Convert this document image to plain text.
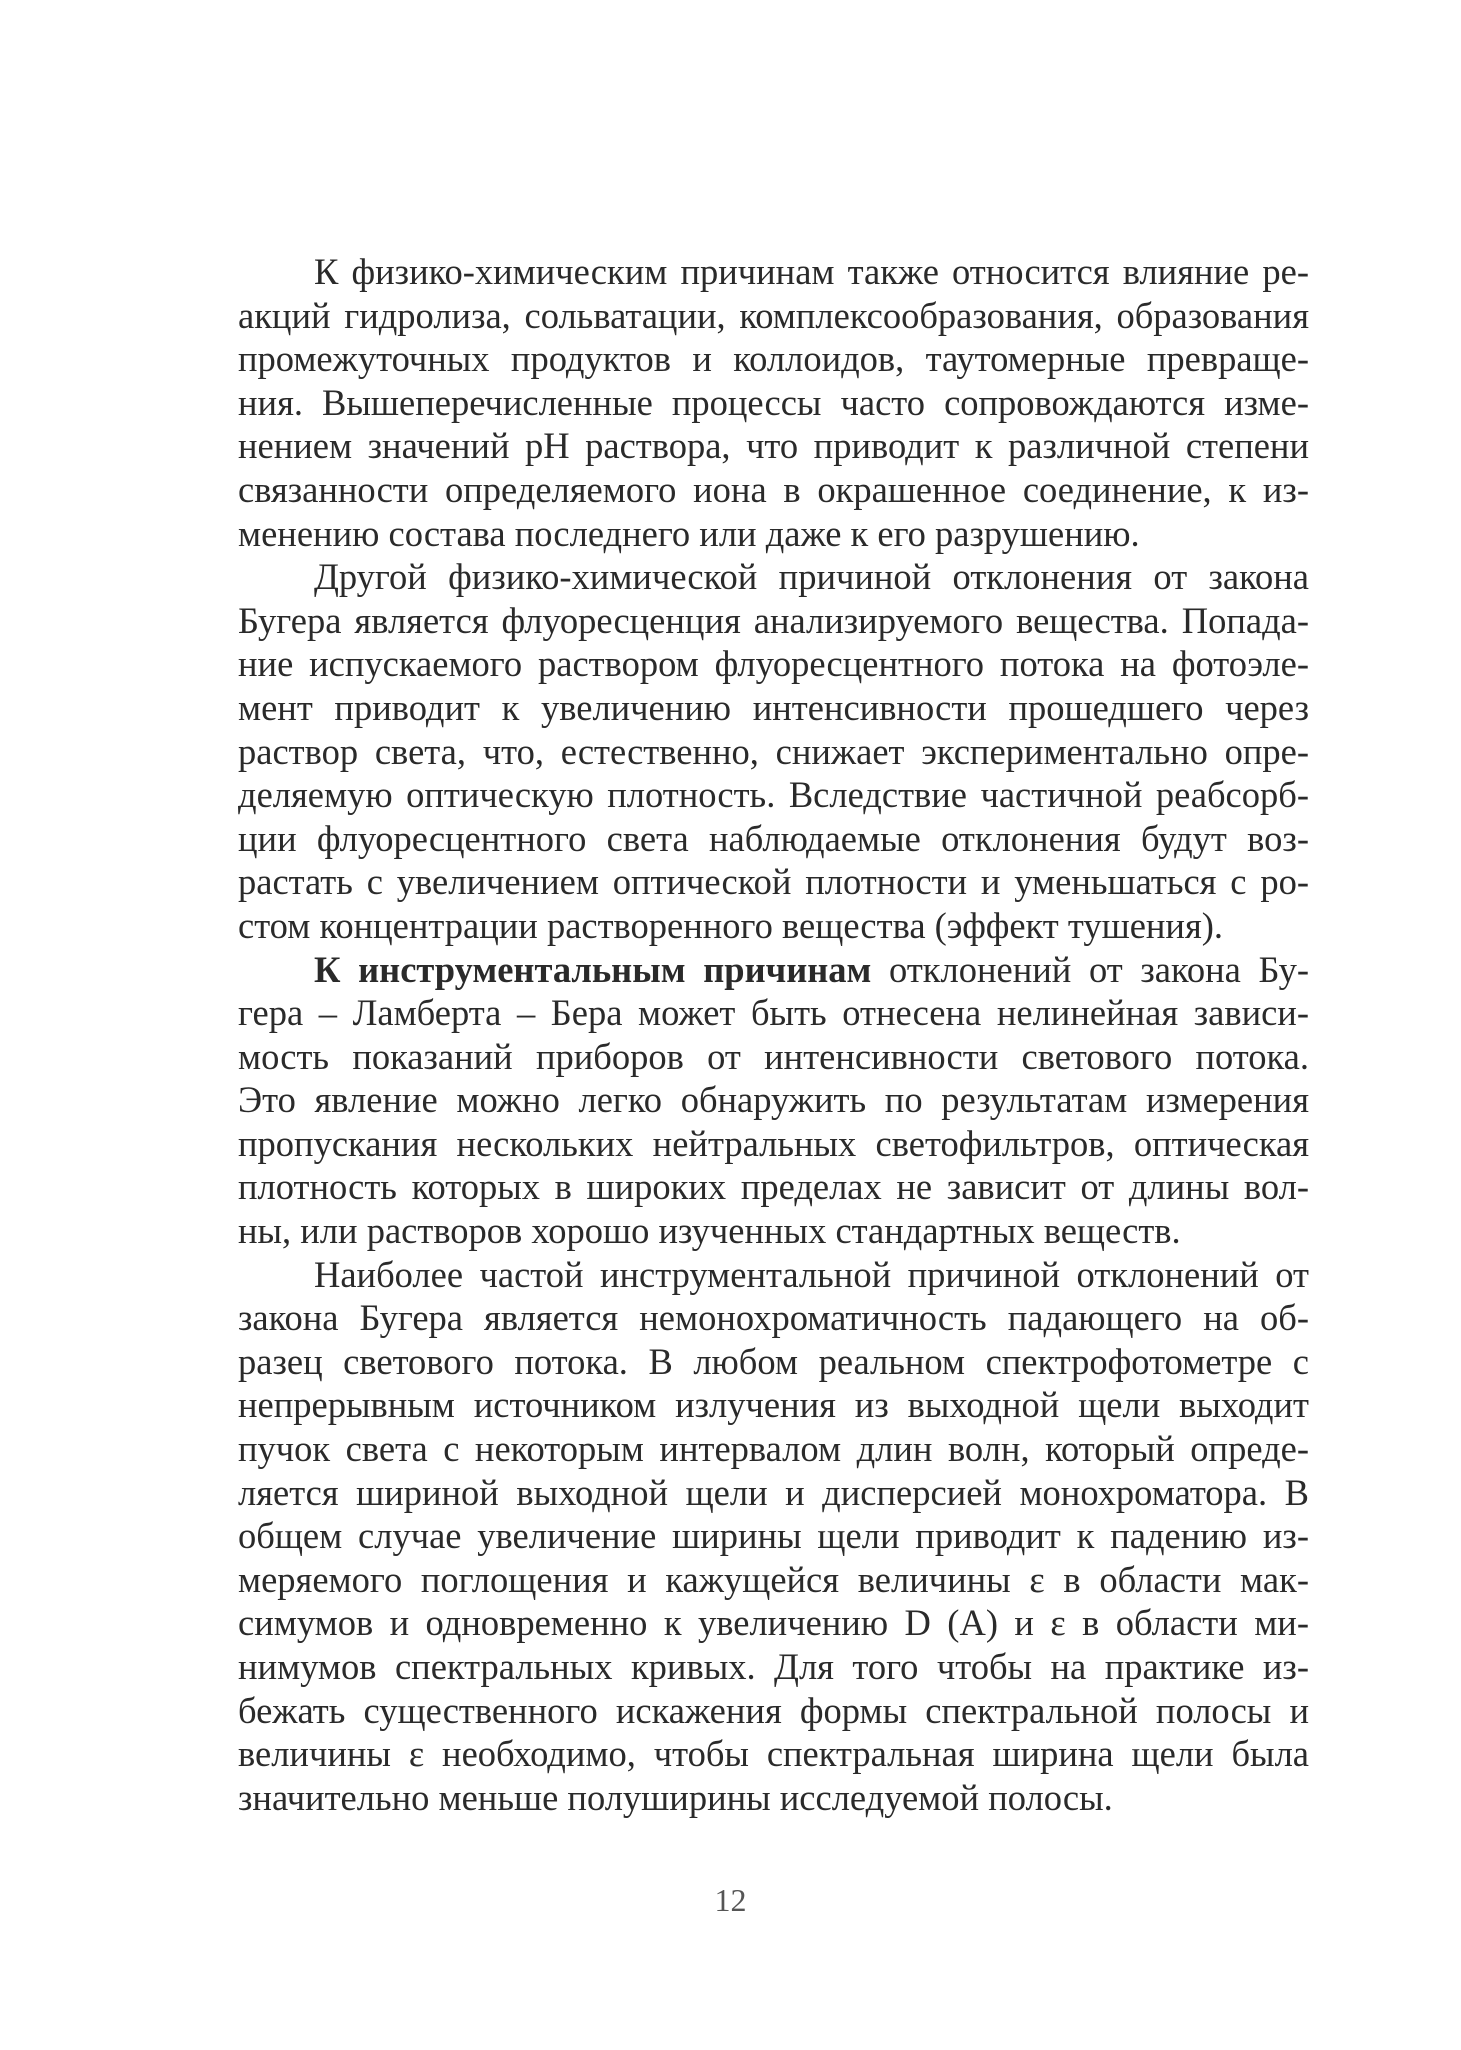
К физико-химическим причинам также относится влияние ре-
акций гидролиза, сольватации, комплексообразования, образования
промежуточных продуктов и коллоидов, таутомерные превраще-
ния. Вышеперечисленные процессы часто сопровождаются изме-
нением значений pH раствора, что приводит к различной степени
связанности определяемого иона в окрашенное соединение, к из-
менению состава последнего или даже к его разрушению.
Другой физико-химической причиной отклонения от закона
Бугера является флуоресценция анализируемого вещества. Попада-
ние испускаемого раствором флуоресцентного потока на фотоэле-
мент приводит к увеличению интенсивности прошедшего через
раствор света, что, естественно, снижает экспериментально опре-
деляемую оптическую плотность. Вследствие частичной реабсорб-
ции флуоресцентного света наблюдаемые отклонения будут воз-
растать с увеличением оптической плотности и уменьшаться с ро-
стом концентрации растворенного вещества (эффект тушения).
К инструментальным причинам отклонений от закона Бу-
гера – Ламберта – Бера может быть отнесена нелинейная зависи-
мость показаний приборов от интенсивности светового потока.
Это явление можно легко обнаружить по результатам измерения
пропускания нескольких нейтральных светофильтров, оптическая
плотность которых в широких пределах не зависит от длины вол-
ны, или растворов хорошо изученных стандартных веществ.
Наиболее частой инструментальной причиной отклонений от
закона Бугера является немонохроматичность падающего на об-
разец светового потока. В любом реальном спектрофотометре с
непрерывным источником излучения из выходной щели выходит
пучок света с некоторым интервалом длин волн, который опреде-
ляется шириной выходной щели и дисперсией монохроматора. В
общем случае увеличение ширины щели приводит к падению из-
меряемого поглощения и кажущейся величины ε в области мак-
симумов и одновременно к увеличению D (A) и ε в области ми-
нимумов спектральных кривых. Для того чтобы на практике из-
бежать существенного искажения формы спектральной полосы и
величины ε необходимо, чтобы спектральная ширина щели была
значительно меньше полуширины исследуемой полосы.
12
